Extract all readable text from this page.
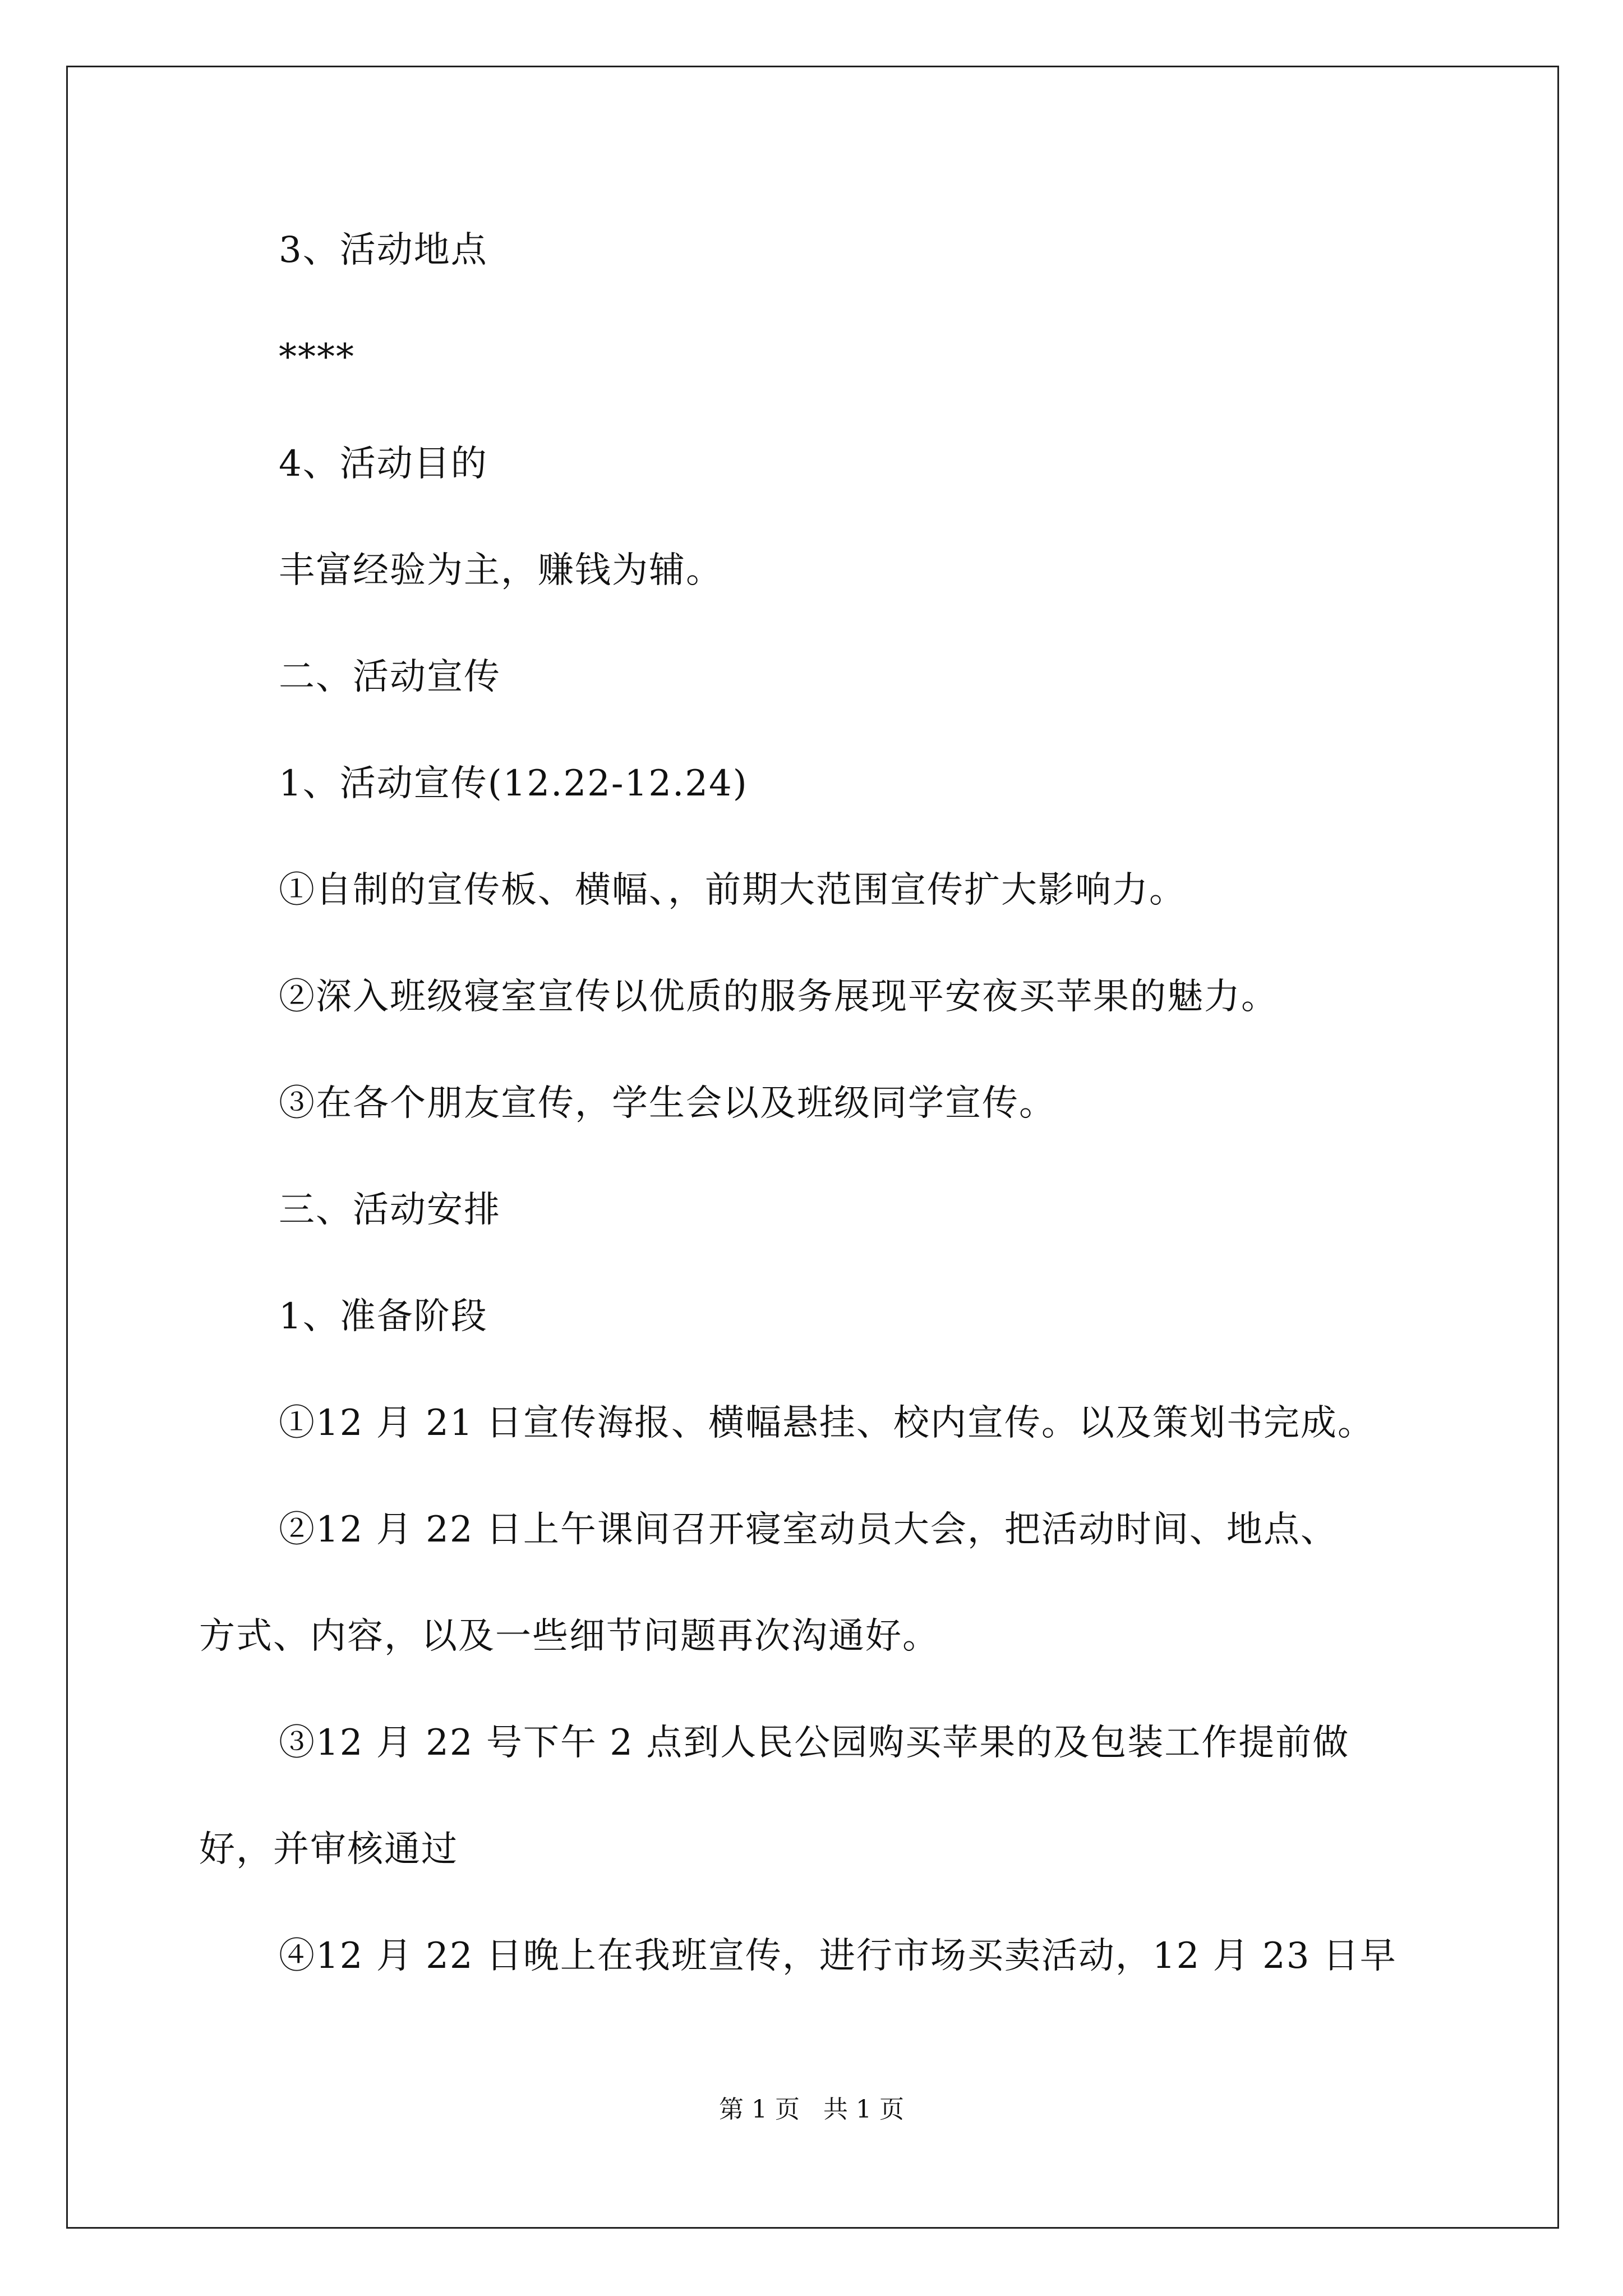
3、活动地点
****
4、活动目的
丰富经验为主，赚钱为辅。
二、活动宣传
1、活动宣传(12.22-12.24)
①自制的宣传板、横幅、，前期大范围宣传扩大影响力。
②深入班级寝室宣传以优质的服务展现平安夜买苹果的魅力。
③在各个朋友宣传，学生会以及班级同学宣传。
三、活动安排
1、准备阶段
①12 月 21 日宣传海报、横幅悬挂、校内宣传。以及策划书完成。
②12 月 22 日上午课间召开寝室动员大会，把活动时间、地点、
方式、内容，以及一些细节问题再次沟通好。
③12 月 22 号下午 2 点到人民公园购买苹果的及包装工作提前做
好，并审核通过
④12 月 22 日晚上在我班宣传，进行市场买卖活动，12 月 23 日早
第 1 页   共 1 页
